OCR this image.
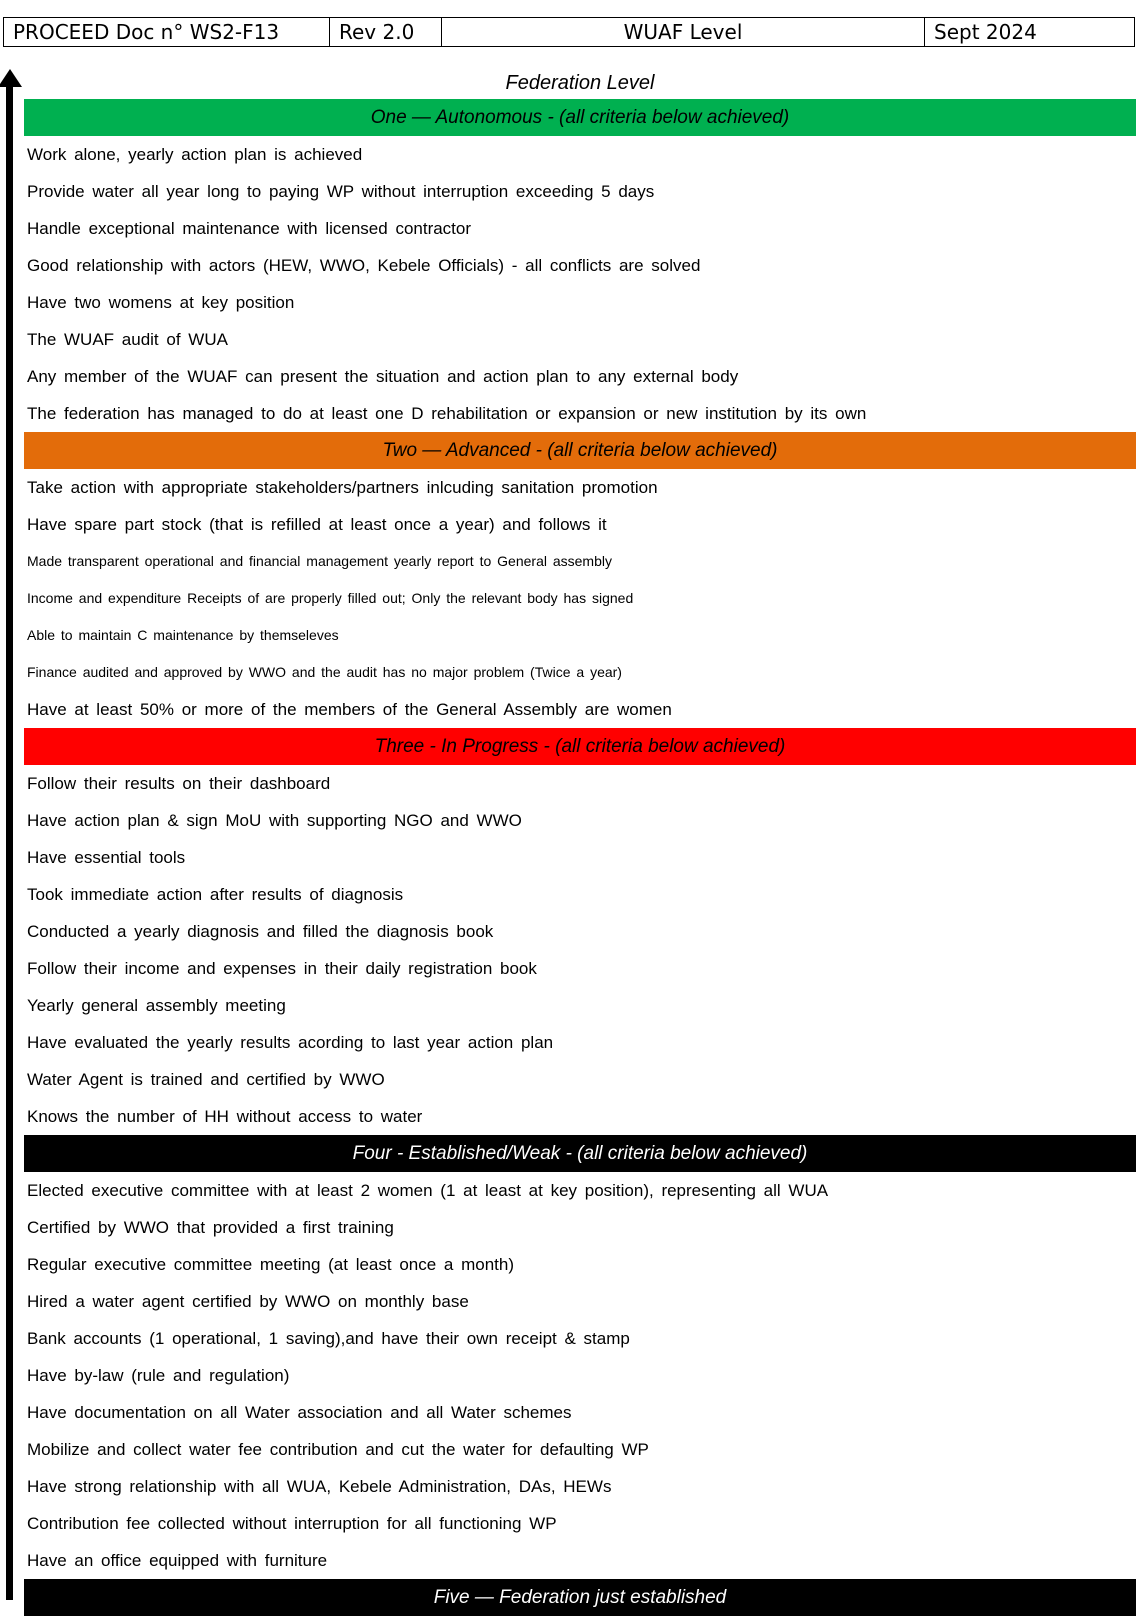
PROCEED Doc n° WS2-F13	Rev 2.0	WUAF Level	Sept 2024
Federation Level
One — Autonomous - (all criteria below achieved)
Work alone, yearly action plan is achieved
Provide water all year long to paying WP without interruption exceeding 5 days
Handle exceptional maintenance with licensed contractor
Good relationship with actors (HEW, WWO, Kebele Officials) - all conflicts are solved
Have two womens at key position
The WUAF audit of WUA
Any member of the WUAF can present the situation and action plan to any external body
The federation has managed to do at least one D rehabilitation or expansion or new institution by its own
Two — Advanced - (all criteria below achieved)
Take action with appropriate stakeholders/partners inlcuding sanitation promotion
Have spare part stock (that is refilled at least once a year) and follows it
Made transparent operational and financial management yearly report to General assembly
Income and expenditure Receipts of are properly filled out; Only the relevant body has signed
Able to maintain C maintenance by themseleves
Finance audited and approved by WWO and the audit has no major problem (Twice a year)
Have at least 50% or more of the members of the General Assembly are women
Three - In Progress - (all criteria below achieved)
Follow their results on their dashboard
Have action plan & sign MoU with supporting NGO and WWO
Have essential tools
Took immediate action after results of diagnosis
Conducted a yearly diagnosis and filled the diagnosis book
Follow their income and expenses in their daily registration book
Yearly general assembly meeting
Have evaluated the yearly results acording to last year action plan
Water Agent is trained and certified by WWO
Knows the number of HH without access to water
Four - Established/Weak - (all criteria below achieved)
Elected executive committee with at least 2 women (1 at least at key position), representing all WUA
Certified by WWO that provided a first training
Regular executive committee meeting (at least once a month)
Hired a water agent certified by WWO on monthly base
Bank accounts (1 operational, 1 saving),and have their own receipt & stamp
Have by-law (rule and regulation)
Have documentation on all Water association and all Water schemes
Mobilize and collect water fee contribution and cut the water for defaulting WP
Have strong relationship with all WUA, Kebele Administration, DAs, HEWs
Contribution fee collected without interruption for all functioning WP
Have an office equipped with furniture
Five — Federation just established
